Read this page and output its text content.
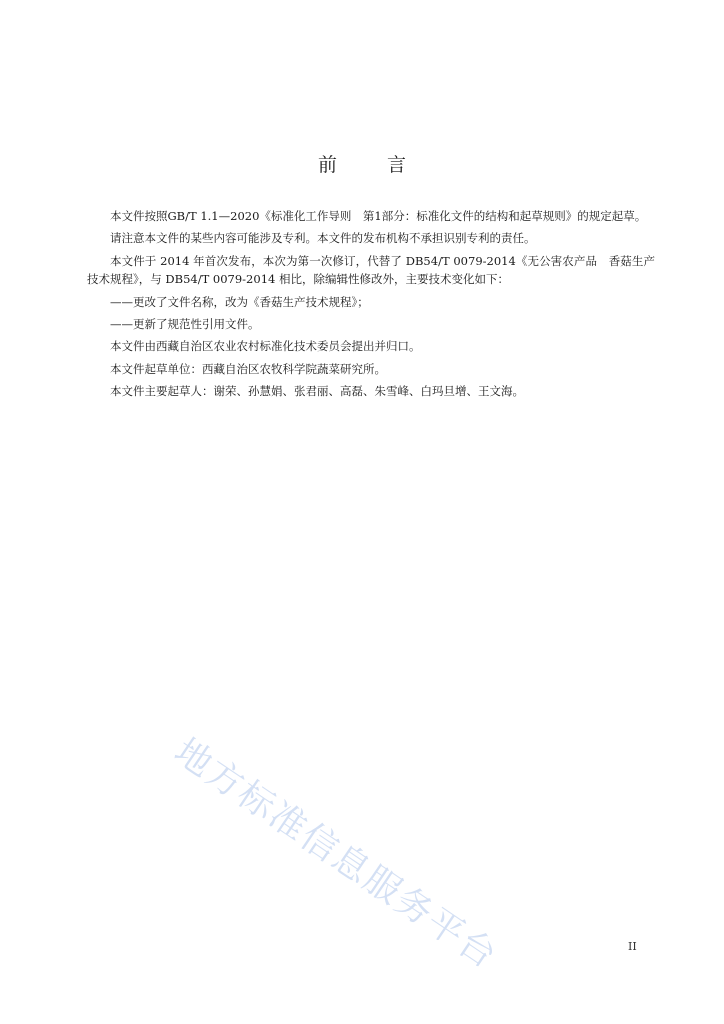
前言

本文件按照GB/T 1.1—2020《标准化工作导则　第1部分：标准化文件的结构和起草规则》的规定起草。

请注意本文件的某些内容可能涉及专利。本文件的发布机构不承担识别专利的责任。

本文件于 2014 年首次发布，本次为第一次修订，代替了 DB54/T 0079-2014《无公害农产品　香菇生产技术规程》，与 DB54/T 0079-2014 相比，除编辑性修改外，主要技术变化如下：

——更改了文件名称，改为《香菇生产技术规程》；

——更新了规范性引用文件。

本文件由西藏自治区农业农村标准化技术委员会提出并归口。

本文件起草单位：西藏自治区农牧科学院蔬菜研究所。

本文件主要起草人：谢荣、孙慧娟、张君丽、高磊、朱雪峰、白玛旦增、王文海。

地方标准信息服务平台	II
